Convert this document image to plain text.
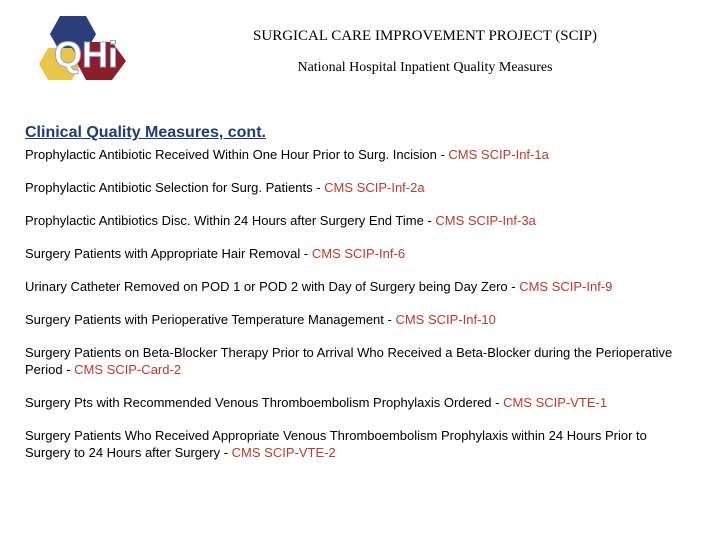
QHi	SURGICAL CARE IMPROVEMENT PROJECT (SCIP)
National Hospital Inpatient Quality Measures
Clinical Quality Measures, cont.
Prophylactic Antibiotic Received Within One Hour Prior to Surg. Incision - CMS SCIP-Inf-1a
Prophylactic Antibiotic Selection for Surg. Patients - CMS SCIP-Inf-2a
Prophylactic Antibiotics Disc. Within 24 Hours after Surgery End Time - CMS SCIP-Inf-3a
Surgery Patients with Appropriate Hair Removal - CMS SCIP-Inf-6
Urinary Catheter Removed on POD 1 or POD 2 with Day of Surgery being Day Zero - CMS SCIP-Inf-9
Surgery Patients with Perioperative Temperature Management - CMS SCIP-Inf-10
Surgery Patients on Beta-Blocker Therapy Prior to Arrival Who Received a Beta-Blocker during the Perioperative Period - CMS SCIP-Card-2
Surgery Pts with Recommended Venous Thromboembolism Prophylaxis Ordered - CMS SCIP-VTE-1
Surgery Patients Who Received Appropriate Venous Thromboembolism Prophylaxis within 24 Hours Prior to Surgery to 24 Hours after Surgery - CMS SCIP-VTE-2
